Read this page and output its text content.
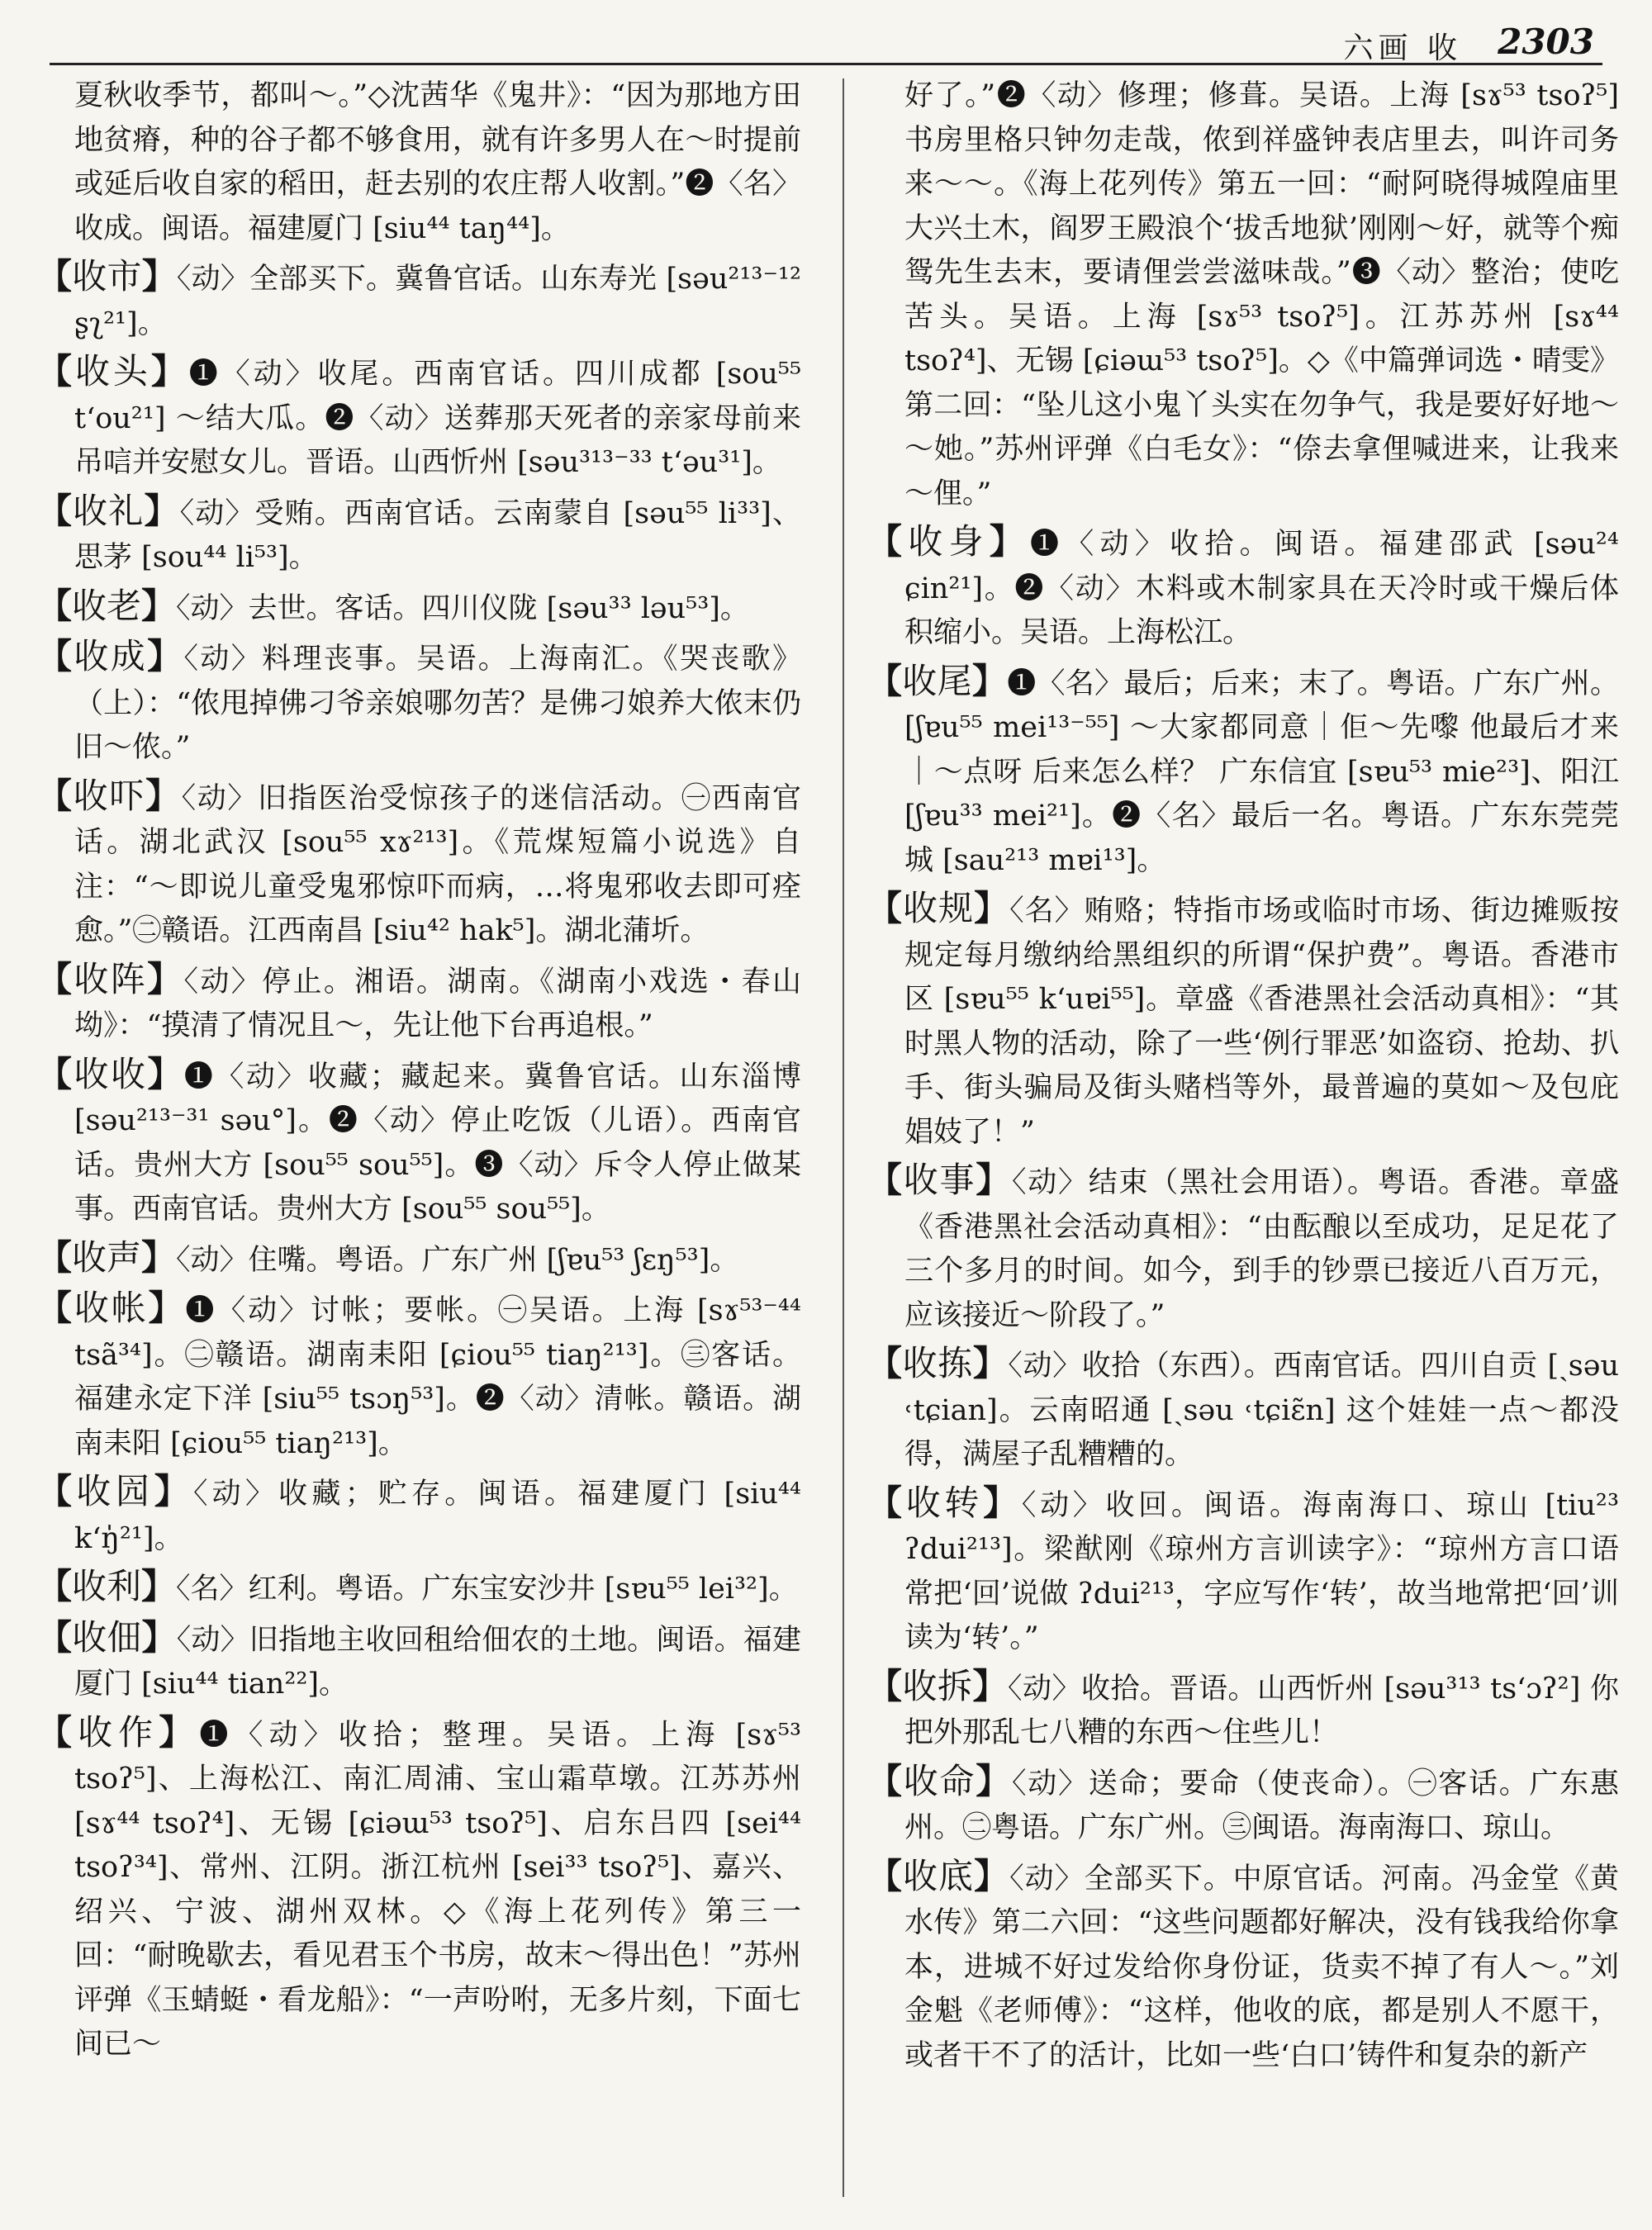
六画 收 2303

夏秋收季节，都叫～。”◇沈茜华《鬼井》：“因为那地方田地贫瘠，种的谷子都不够食用，就有许多男人在～时提前或延后收自家的稻田，赶去别的农庄帮人收割。”❷〈名〉收成。闽语。福建厦门 [siu⁴⁴ taŋ⁴⁴]。

【收市】〈动〉全部买下。冀鲁官话。山东寿光 [səu²¹³⁻¹² ʂʅ²¹]。

【收头】❶〈动〉收尾。西南官话。四川成都 [sou⁵⁵ tʻou²¹] ～结大瓜。❷〈动〉送葬那天死者的亲家母前来吊唁并安慰女儿。晋语。山西忻州 [səu³¹³⁻³³ tʻəu³¹]。

【收礼】〈动〉受贿。西南官话。云南蒙自 [səu⁵⁵ li³³]、思茅 [sou⁴⁴ li⁵³]。

【收老】〈动〉去世。客话。四川仪陇 [səu³³ ləu⁵³]。

【收成】〈动〉料理丧事。吴语。上海南汇。《哭丧歌》（上）：“侬甩掉佛刁爷亲娘哪勿苦？是佛刁娘养大侬末仍旧～侬。”

【收吓】〈动〉旧指医治受惊孩子的迷信活动。㊀西南官话。湖北武汉 [sou⁵⁵ xɤ²¹³]。《荒煤短篇小说选》自注：“～即说儿童受鬼邪惊吓而病，…将鬼邪收去即可痊愈。”㊁赣语。江西南昌 [siu⁴² hak⁵]。湖北蒲圻。

【收阵】〈动〉停止。湘语。湖南。《湖南小戏选・春山坳》：“摸清了情况且～，先让他下台再追根。”

【收收】❶〈动〉收藏；藏起来。冀鲁官话。山东淄博 [səu²¹³⁻³¹ səu°]。❷〈动〉停止吃饭（儿语）。西南官话。贵州大方 [sou⁵⁵ sou⁵⁵]。❸〈动〉斥令人停止做某事。西南官话。贵州大方 [sou⁵⁵ sou⁵⁵]。

【收声】〈动〉住嘴。粤语。广东广州 [ʃɐu⁵³ ʃɛŋ⁵³]。

【收帐】❶〈动〉讨帐；要帐。㊀吴语。上海 [sɤ⁵³⁻⁴⁴ tsã³⁴]。㊁赣语。湖南耒阳 [ɕiou⁵⁵ tiaŋ²¹³]。㊂客话。福建永定下洋 [siu⁵⁵ tsɔŋ⁵³]。❷〈动〉清帐。赣语。湖南耒阳 [ɕiou⁵⁵ tiaŋ²¹³]。

【收囥】〈动〉收藏；贮存。闽语。福建厦门 [siu⁴⁴ kʻŋ̍²¹]。

【收利】〈名〉红利。粤语。广东宝安沙井 [sɐu⁵⁵ lei³²]。

【收佃】〈动〉旧指地主收回租给佃农的土地。闽语。福建厦门 [siu⁴⁴ tian²²]。

【收作】❶〈动〉收拾；整理。吴语。上海 [sɤ⁵³ tsoʔ⁵]、上海松江、南汇周浦、宝山霜草墩。江苏苏州 [sɤ⁴⁴ tsoʔ⁴]、无锡 [ɕiəɯ⁵³ tsoʔ⁵]、启东吕四 [sei⁴⁴ tsoʔ³⁴]、常州、江阴。浙江杭州 [sei³³ tsoʔ⁵]、嘉兴、绍兴、宁波、湖州双林。◇《海上花列传》第三一回：“耐晚歇去，看见君玉个书房，故末～得出色！”苏州评弹《玉蜻蜓・看龙船》：“一声吩咐，无多片刻，下面七间已～

好了。”❷〈动〉修理；修葺。吴语。上海 [sɤ⁵³ tsoʔ⁵] 书房里格只钟勿走哉，侬到祥盛钟表店里去，叫许司务来～～。《海上花列传》第五一回：“耐阿晓得城隍庙里大兴土木，阎罗王殿浪个‘拔舌地狱’刚刚～好，就等个痴鸳先生去末，要请俚尝尝滋味哉。”❸〈动〉整治；使吃苦头。吴语。上海 [sɤ⁵³ tsoʔ⁵]。江苏苏州 [sɤ⁴⁴ tsoʔ⁴]、无锡 [ɕiəɯ⁵³ tsoʔ⁵]。◇《中篇弹词选・晴雯》第二回：“坠儿这小鬼丫头实在勿争气，我是要好好地～～她。”苏州评弹《白毛女》：“倷去拿俚喊进来，让我来～俚。”

【收身】❶〈动〉收拾。闽语。福建邵武 [səu²⁴ ɕin²¹]。❷〈动〉木料或木制家具在天冷时或干燥后体积缩小。吴语。上海松江。

【收尾】❶〈名〉最后；后来；末了。粤语。广东广州。[ʃɐu⁵⁵ mei¹³⁻⁵⁵] ～大家都同意｜佢～先嚟 他最后才来｜～点呀 后来怎么样？ 广东信宜 [sɐu⁵³ mie²³]、阳江 [ʃɐu³³ mei²¹]。❷〈名〉最后一名。粤语。广东东莞莞城 [sau²¹³ mɐi¹³]。

【收规】〈名〉贿赂；特指市场或临时市场、街边摊贩按规定每月缴纳给黑组织的所谓“保护费”。粤语。香港市区 [sɐu⁵⁵ kʻuɐi⁵⁵]。章盛《香港黑社会活动真相》：“其时黑人物的活动，除了一些‘例行罪恶’如盗窃、抢劫、扒手、街头骗局及街头赌档等外，最普遍的莫如～及包庇娼妓了！”

【收事】〈动〉结束（黑社会用语）。粤语。香港。章盛《香港黑社会活动真相》：“由酝酿以至成功，足足花了三个多月的时间。如今，到手的钞票已接近八百万元，应该接近～阶段了。”

【收拣】〈动〉收拾（东西）。西南官话。四川自贡 [ˏsəu ˓tɕian]。云南昭通 [ˏsəu ˓tɕiɛ̃n] 这个娃娃一点～都没得，满屋子乱糟糟的。

【收转】〈动〉收回。闽语。海南海口、琼山 [tiu²³ ʔdui²¹³]。梁猷刚《琼州方言训读字》：“琼州方言口语常把‘回’说做 ʔdui²¹³，字应写作‘转’，故当地常把‘回’训读为‘转’。”

【收拆】〈动〉收拾。晋语。山西忻州 [səu³¹³ tsʻɔʔ²] 你把外那乱七八糟的东西～住些儿！

【收命】〈动〉送命；要命（使丧命）。㊀客话。广东惠州。㊁粤语。广东广州。㊂闽语。海南海口、琼山。

【收底】〈动〉全部买下。中原官话。河南。冯金堂《黄水传》第二六回：“这些问题都好解决，没有钱我给你拿本，进城不好过发给你身份证，货卖不掉了有人～。”刘金魁《老师傅》：“这样，他收的底，都是别人不愿干，或者干不了的活计，比如一些‘白口’铸件和复杂的新产
